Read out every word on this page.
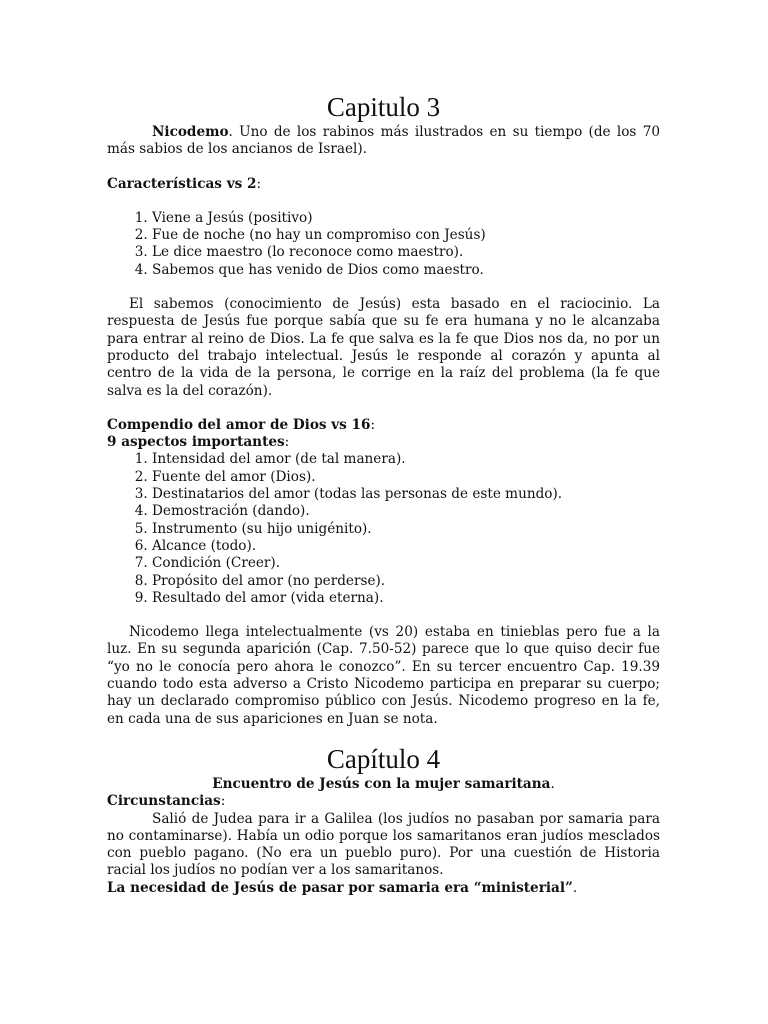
Capitulo 3

Nicodemo. Uno de los rabinos más ilustrados en su tiempo (de los 70 más sabios de los ancianos de Israel).

Características vs 2:

1. Viene a Jesús (positivo)
2. Fue de noche (no hay un compromiso con Jesús)
3. Le dice maestro (lo reconoce como maestro).
4. Sabemos que has venido de Dios como maestro.

El sabemos (conocimiento de Jesús) esta basado en el raciocinio. La respuesta de Jesús fue porque sabía que su fe era humana y no le alcanzaba para entrar al reino de Dios. La fe que salva es la fe que Dios nos da, no por un producto del trabajo intelectual. Jesús le responde al corazón y apunta al centro de la vida de la persona, le corrige en la raíz del problema (la fe que salva es la del corazón).

Compendio del amor de Dios vs 16:

9 aspectos importantes:

1. Intensidad del amor (de tal manera).
2. Fuente del amor (Dios).
3. Destinatarios del amor (todas las personas de este mundo).
4. Demostración (dando).
5. Instrumento (su hijo unigénito).
6. Alcance (todo).
7. Condición (Creer).
8. Propósito del amor (no perderse).
9. Resultado del amor (vida eterna).

Nicodemo llega intelectualmente (vs 20) estaba en tinieblas pero fue a la luz. En su segunda aparición (Cap. 7.50-52) parece que lo que quiso decir fue “yo no le conocía pero ahora le conozco”. En su tercer encuentro Cap. 19.39 cuando todo esta adverso a Cristo Nicodemo participa en preparar su cuerpo; hay un declarado compromiso público con Jesús. Nicodemo progreso en la fe, en cada una de sus apariciones en Juan se nota.

Capítulo 4

Encuentro de Jesús con la mujer samaritana.

Circunstancias:

Salió de Judea para ir a Galilea (los judíos no pasaban por samaria para no contaminarse). Había un odio porque los samaritanos eran judíos mesclados con pueblo pagano. (No era un pueblo puro). Por una cuestión de Historia racial los judíos no podían ver a los samaritanos.

La necesidad de Jesús de pasar por samaria era “ministerial”.
